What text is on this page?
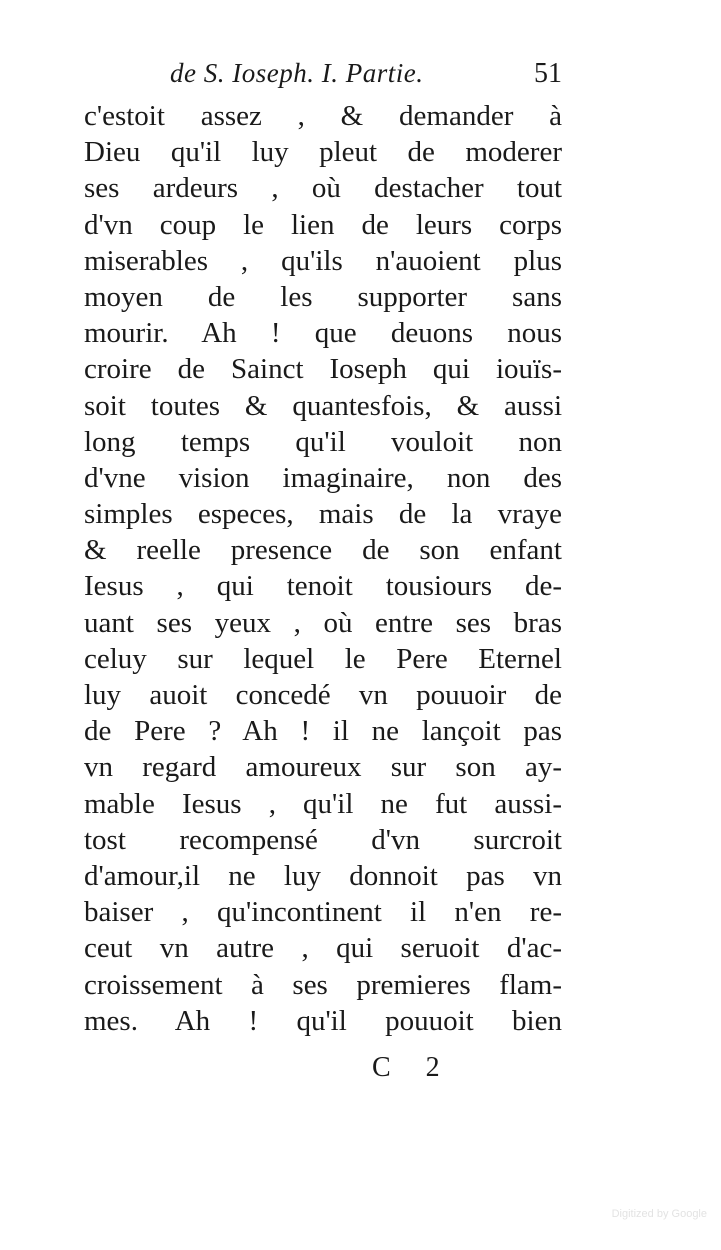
de S. Ioseph. I. Partie.	51
c'estoit assez , & demander à
Dieu qu'il luy pleut de moderer
ses ardeurs , où destacher tout
d'vn coup le lien de leurs corps
miserables , qu'ils n'auoient plus
moyen de les supporter sans
mourir. Ah ! que deuons nous
croire de Sainct Ioseph qui iouïs-
soit toutes & quantesfois, & aussi
long temps qu'il vouloit non
d'vne vision imaginaire, non des
simples especes, mais de la vraye
& reelle presence de son enfant
Iesus , qui tenoit tousiours de-
uant ses yeux , où entre ses bras
celuy sur lequel le Pere Eternel
luy auoit concedé vn pouuoir de
de Pere ? Ah ! il ne lançoit pas
vn regard amoureux sur son ay-
mable Iesus , qu'il ne fut aussi-
tost recompensé d'vn surcroit
d'amour,il ne luy donnoit pas vn
baiser , qu'incontinent il n'en re-
ceut vn autre , qui seruoit d'ac-
croissement à ses premieres flam-
mes. Ah ! qu'il pouuoit bien
C 2
Digitized by Google
